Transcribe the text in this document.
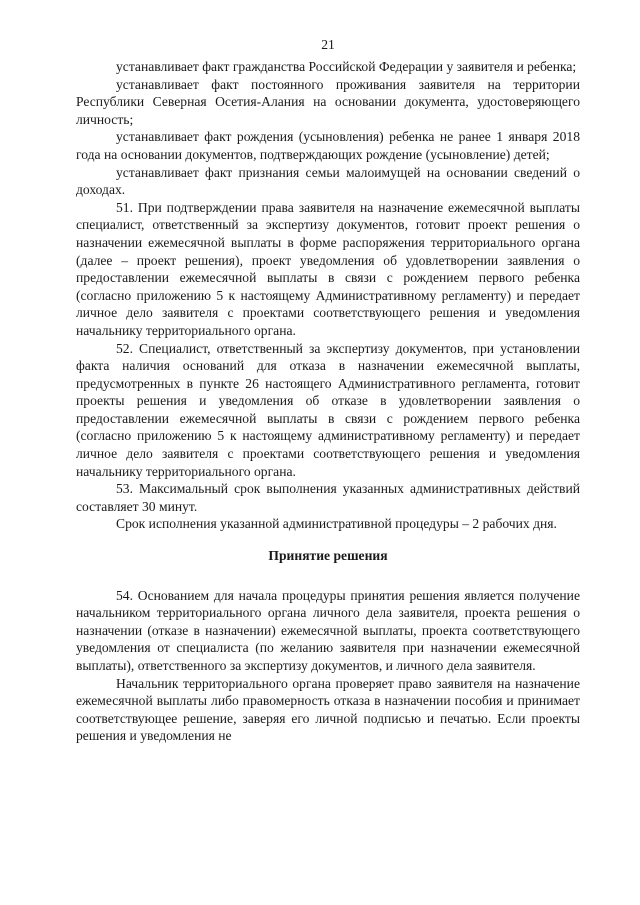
21

устанавливает факт гражданства Российской Федерации у заявителя и ребенка;

устанавливает факт постоянного проживания заявителя на территории Республики Северная Осетия-Алания на основании документа, удостоверяющего личность;

устанавливает факт рождения (усыновления) ребенка не ранее 1 января 2018 года на основании документов, подтверждающих рождение (усыновление) детей;

устанавливает факт признания семьи малоимущей на основании сведений о доходах.

51. При подтверждении права заявителя на назначение ежемесячной выплаты специалист, ответственный за экспертизу документов, готовит проект решения о назначении ежемесячной выплаты в форме распоряжения территориального органа (далее – проект решения), проект уведомления об удовлетворении заявления о предоставлении ежемесячной выплаты в связи с рождением первого ребенка (согласно приложению 5 к настоящему Административному регламенту) и передает личное дело заявителя с проектами соответствующего решения и уведомления начальнику территориального органа.

52. Специалист, ответственный за экспертизу документов, при установлении факта наличия оснований для отказа в назначении ежемесячной выплаты, предусмотренных в пункте 26 настоящего Административного регламента, готовит проекты решения и уведомления об отказе в удовлетворении заявления о предоставлении ежемесячной выплаты в связи с рождением первого ребенка (согласно приложению 5 к настоящему административному регламенту) и передает личное дело заявителя с проектами соответствующего решения и уведомления начальнику территориального органа.

53. Максимальный срок выполнения указанных административных действий составляет 30 минут.

Срок исполнения указанной административной процедуры – 2 рабочих дня.

Принятие решения

54. Основанием для начала процедуры принятия решения является получение начальником территориального органа личного дела заявителя, проекта решения о назначении (отказе в назначении) ежемесячной выплаты, проекта соответствующего уведомления от специалиста (по желанию заявителя при назначении ежемесячной выплаты), ответственного за экспертизу документов, и личного дела заявителя.

Начальник территориального органа проверяет право заявителя на назначение ежемесячной выплаты либо правомерность отказа в назначении пособия и принимает соответствующее решение, заверяя его личной подписью и печатью. Если проекты решения и уведомления не
